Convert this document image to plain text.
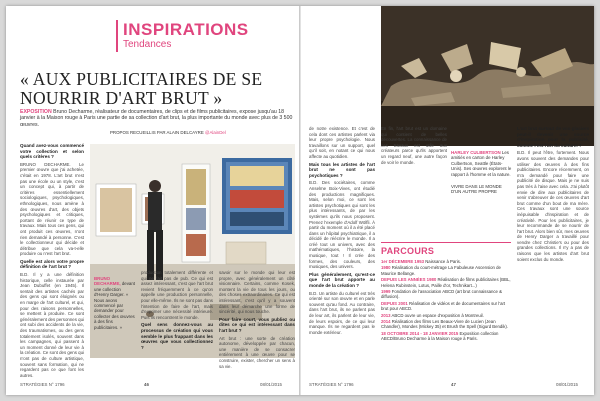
INSPIRATIONS
Tendances
« AUX PUBLICITAIRES DE SE
NOURRIR D'ART BRUT »
EXPOSITION Bruno Decharme, réalisateur de documentaires, de clips et de films publicitaires, expose jusqu'au 18 janvier à la Maison rouge à Paris une partie de sa collection d'art brut, la plus importante du monde avec plus de 3 500 œuvres.
PROPOS RECUEILLIS PAR ALAIN DELCAYRE @AlainDel

Quand avez-vous commencé votre collection et selon quels critères ?

BRUNO DECHARME. Le premier œuvre que j'ai achetée, c'était en 1978. L'art brut n'est pas une école ou un style, c'est un concept qui, à partir de critères essentiellement sociologiques, psychologiques, ethnologiques, nous amène à des œuvres d'art, des objets psychologiques et critiques, portant de réunir ce type de travaux. Mais tous ces gens, qui ont produit ces œuvres, n'ont rien demandé à personne. C'est le collectionneur qui décide et détribue que cela va-t-elle produire ou n'est l'art brut.

Quelle est alors votre propre définition de l'art brut ?

B.D. Il y a une définition historique, celle instaurée par Jean Dubuffet (en 1945). Il sentait des artistes cachés par des gens qui sont éloignés ou en marge de l'art culturel, et qui, pour des raisons personnelles, se mettent à produire. Ce sont généralement des personnes qui ont subi des accidents de la vie, des traumatismes, ou des gens totalement isolés, souvent dans les campagnes, qui passent à un moment donné de leur vie à la création. Ce sont des gens qui n'ont pas de culture artistique, souvent sans formation, qui ne regardent pas ce que font les autres.

BRUNO DECHARME, devant une collection d'Henry Darger. « Nous avons commencé par demander pour collecter des œuvres à des fins publicitaires. »

production totalement différente et qui ne fait pas de pub. Ce qui est assez intéressant, c'est que l'art brut revient fréquemment à ce qu'on appelle une production personnelle, pour elle-même. Ils ne sont pas dans l'intention de faire de l'art, mais d'exprimer une nécessité intérieure. Puis ils rencontrent le monde.

Quel sens donnez-vous au processus de création qui vous semble le plus frappant dans les œuvres que vous collectionnez ?

savoir sur le monde qui leur est propre, avec généralement un côté visionnaire. Certains, comme Kosek, montent la vie de tous les jours, ou des choses extraordinaires. Ce qui est intéressant, c'est qu'il y a souvent dans leur démarche une forme de sincérité, qui nous touche.

Pour faire court, vous publiez ou dites ce qui est intéressant dans l'art brut ?

Art brut : une sorte de création autonome, développée par chacun, une manière de se consacrer entièrement à une œuvre pour se construire, exister, chercher un sens à sa vie.

STRATÉGIES N° 1796	46	08/01/2015

de notre existence. Et c'est de cela dont ces artistes parlent via leur propre psychologie. Nous travaillons sur un support, quel qu'il soit, en notant ce qui nous affecte au quotidien.

Mais tous les artistes de l'art brut ne sont pas psychotiques ?

B.D. Des sociétaires, comme Anselme Boix-Vives, ont étudié des productions magnifiques. Mais, selon moi, ce sont les artistes psychotiques qui sont les plus intéressants, de par les systèmes qu'ils nous proposent. Prenez l'exemple d'Adolf Wölfli. À partir du moment où il a été placé dans un hôpital psychiatrique, il a décidé de réécrire le monde. Il a créé tout un univers, avec des mathématiques, l'histoire, la musique, tout ! Il crée des formes, des couleurs, des musiques, des univers.

Plus généralement, qu'est-ce que l'art brut apporte au monde de la création ?

B.D. Un artiste du culturel est très orienté sur son œuvre et en parle souvent qu'au fond. Au contraire, dans l'art brut, ils ne parlent pas de leur art, ils parlent de leur vie, de leurs espoirs, de ce qui leur manque. Ils ne regardent pas le monde extérieur.

En fin, l'art brut est un domaine qui contient de belles découvertes. La connaissance de ces travaux est utile aux créateurs parce qu'ils apportent un regard neuf, une autre façon de voir le monde.

HARLEY CULBERTSON Les amitiés en carton de Harley Culbertson, Seattle (États-Unis). Ses œuvres explorent le rapport à l'homme et la nature.
VIVRE DANS LE MONDE D'UN AUTRE PROPRE
PARCOURS

1er DÉCEMBRE 1953 Naissance à Paris.

1980 Réalisation du court-métrage La Fabuleuse Ascension de Maurice Bellange.

DEPUIS LES ANNÉES 1980 Réalisation de films publicitaires (BBL, Helena Rubinstein, Lotus, Paille d'or, Technikart...)

1999 Fondation de l'association ABCD (art brut connaissance & diffusion).

DEPUIS 2001 Réalisation de vidéos et de documentaires sur l'art brut pour ABCD.

2013 ABCD ouvre un espace d'exposition à Montreuil.

2014 Réalisation des films Les Beaux-Vivre de Lucien (Jean Chandler), Mondes (Mickey 35) et Brush the Spell (Sigurd Bendik).

18 OCTOBRE 2014 - 18 JANVIER 2015 Exposition collection ABCD/Bruno Decharme à la Maison rouge à Paris.

L'art brut surtout de vos glaciers peut-il devenir une source d'inspiration pour la publicité, comme l'est l'art du culturel ?

B.D. Il peut l'être, fortement. Nous avons souvent des demandes pour utiliser des œuvres à des fins publicitaires. Encore récemment, on m'a demandé pour faire une publicité de disque. Mais je ne suis pas trés à l'aise avec cela. J'ai plutôt envie de dire aux publicitaires de venir s'abreuver de ces œuvres d'art brut comme d'un bout de ma mère. Ces travaux sont une source inépuisable d'inspiration et de créativité. Pour les publicitaires, je leur recommande de se nourrir de l'art brut. Alors bien sûr, mes œuvres de Henry Darger a travaillé pour vendre chez Christie's ou pour des grandes collections. Il n'y a pas de raisons que les artistes d'art brut soient exclus du monde.

STRATÉGIES N° 1796	47	08/01/2015
